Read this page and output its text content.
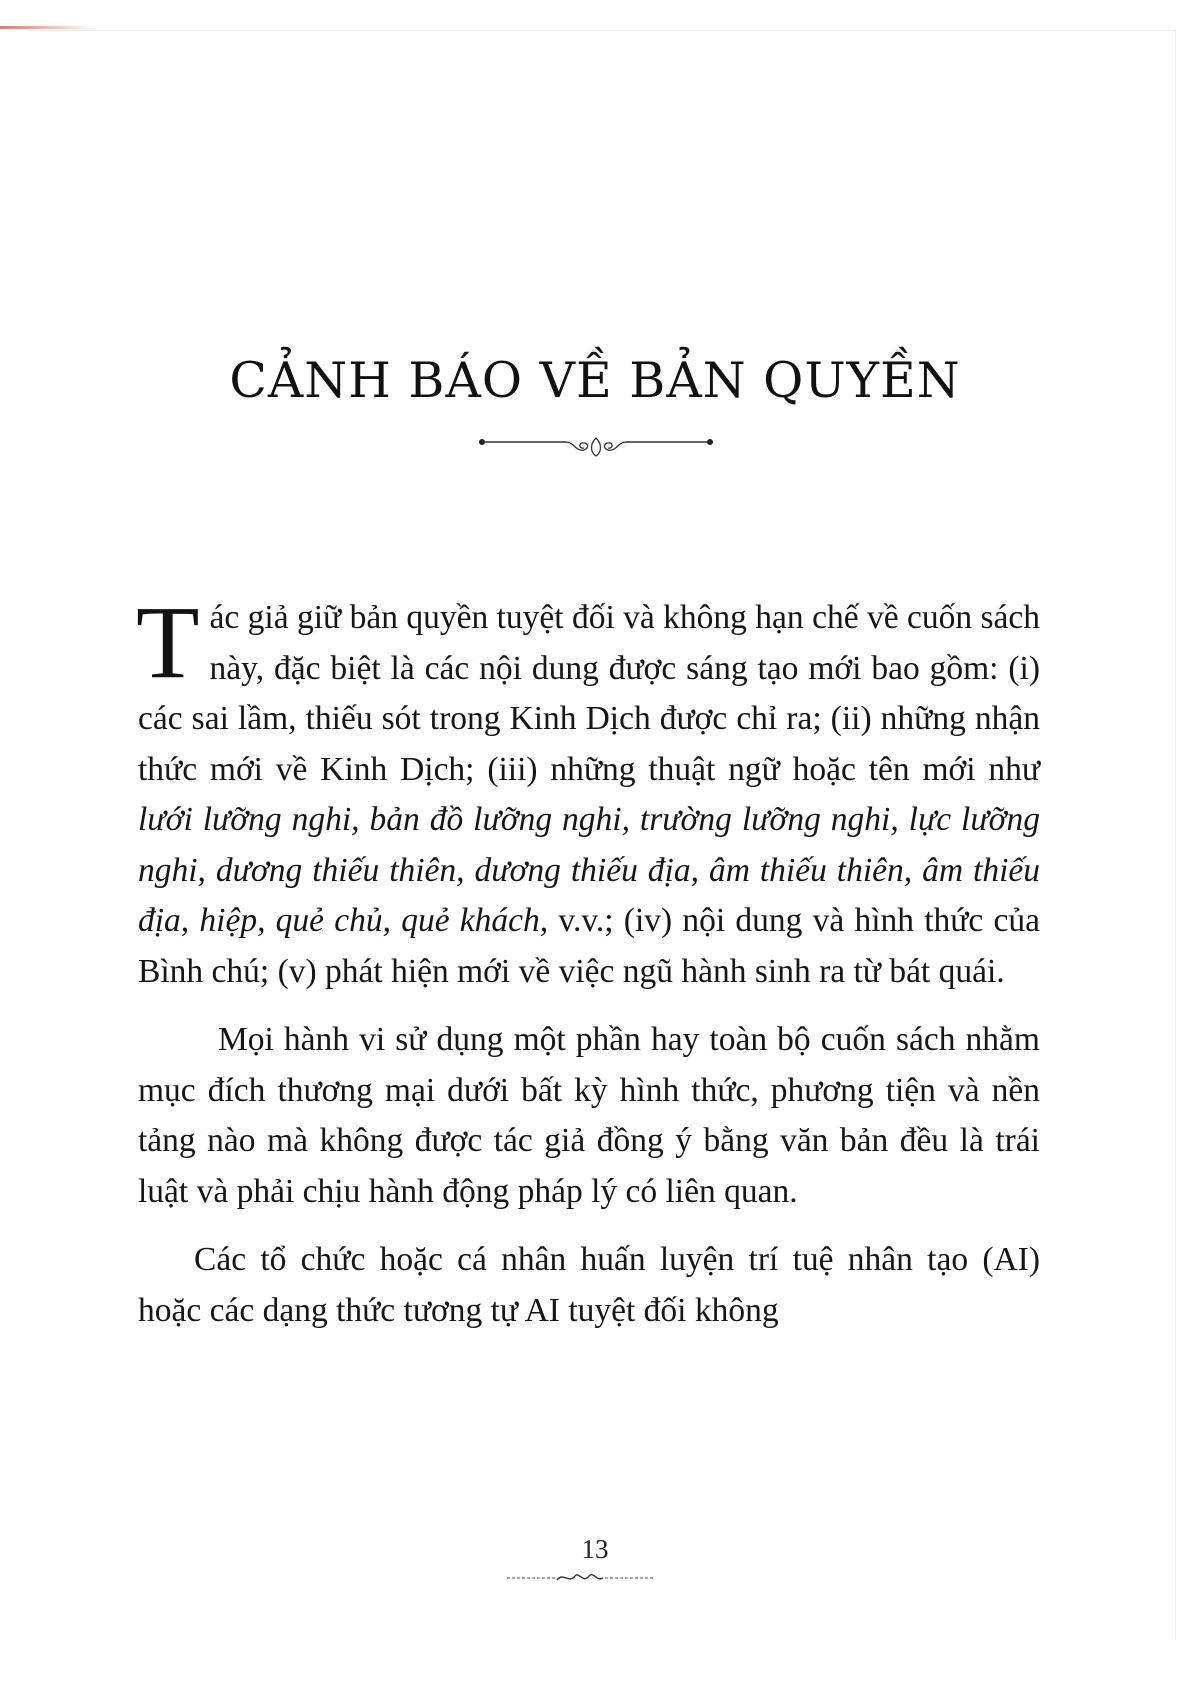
CẢNH BÁO VỀ BẢN QUYỀN

Tác giả giữ bản quyền tuyệt đối và không hạn chế về cuốn sách này, đặc biệt là các nội dung được sáng tạo mới bao gồm: (i) các sai lầm, thiếu sót trong Kinh Dịch được chỉ ra; (ii) những nhận thức mới về Kinh Dịch; (iii) những thuật ngữ hoặc tên mới như lưới lưỡng nghi, bản đồ lưỡng nghi, trường lưỡng nghi, lực lưỡng nghi, dương thiếu thiên, dương thiếu địa, âm thiếu thiên, âm thiếu địa, hiệp, quẻ chủ, quẻ khách, v.v.; (iv) nội dung và hình thức của Bình chú; (v) phát hiện mới về việc ngũ hành sinh ra từ bát quái.

Mọi hành vi sử dụng một phần hay toàn bộ cuốn sách nhằm mục đích thương mại dưới bất kỳ hình thức, phương tiện và nền tảng nào mà không được tác giả đồng ý bằng văn bản đều là trái luật và phải chịu hành động pháp lý có liên quan.

Các tổ chức hoặc cá nhân huấn luyện trí tuệ nhân tạo (AI) hoặc các dạng thức tương tự AI tuyệt đối không

13
